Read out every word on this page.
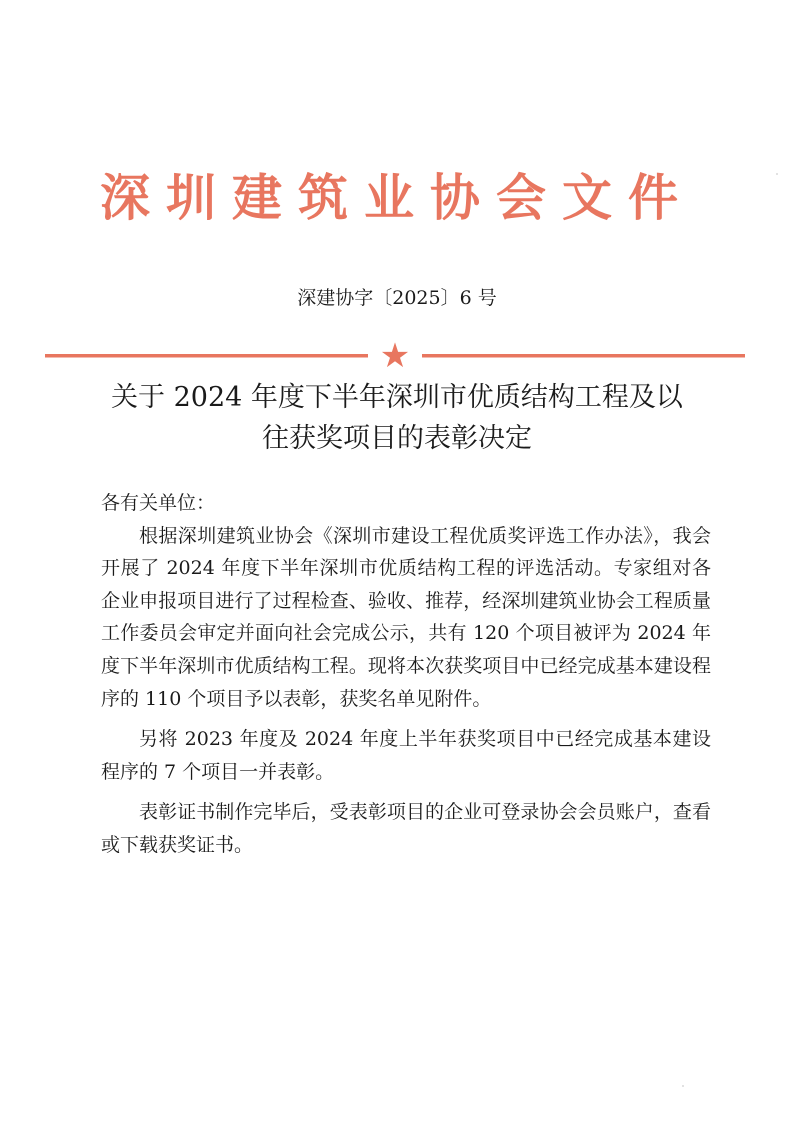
深圳建筑业协会文件
深建协字〔2025〕6 号
★
关于 2024 年度下半年深圳市优质结构工程及以
往获奖项目的表彰决定

各有关单位：

根据深圳建筑业协会《深圳市建设工程优质奖评选工作办法》，我会开展了 2024 年度下半年深圳市优质结构工程的评选活动。专家组对各企业申报项目进行了过程检查、验收、推荐，经深圳建筑业协会工程质量工作委员会审定并面向社会完成公示，共有 120 个项目被评为 2024 年度下半年深圳市优质结构工程。现将本次获奖项目中已经完成基本建设程序的 110 个项目予以表彰，获奖名单见附件。

另将 2023 年度及 2024 年度上半年获奖项目中已经完成基本建设程序的 7 个项目一并表彰。

表彰证书制作完毕后，受表彰项目的企业可登录协会会员账户，查看或下载获奖证书。
